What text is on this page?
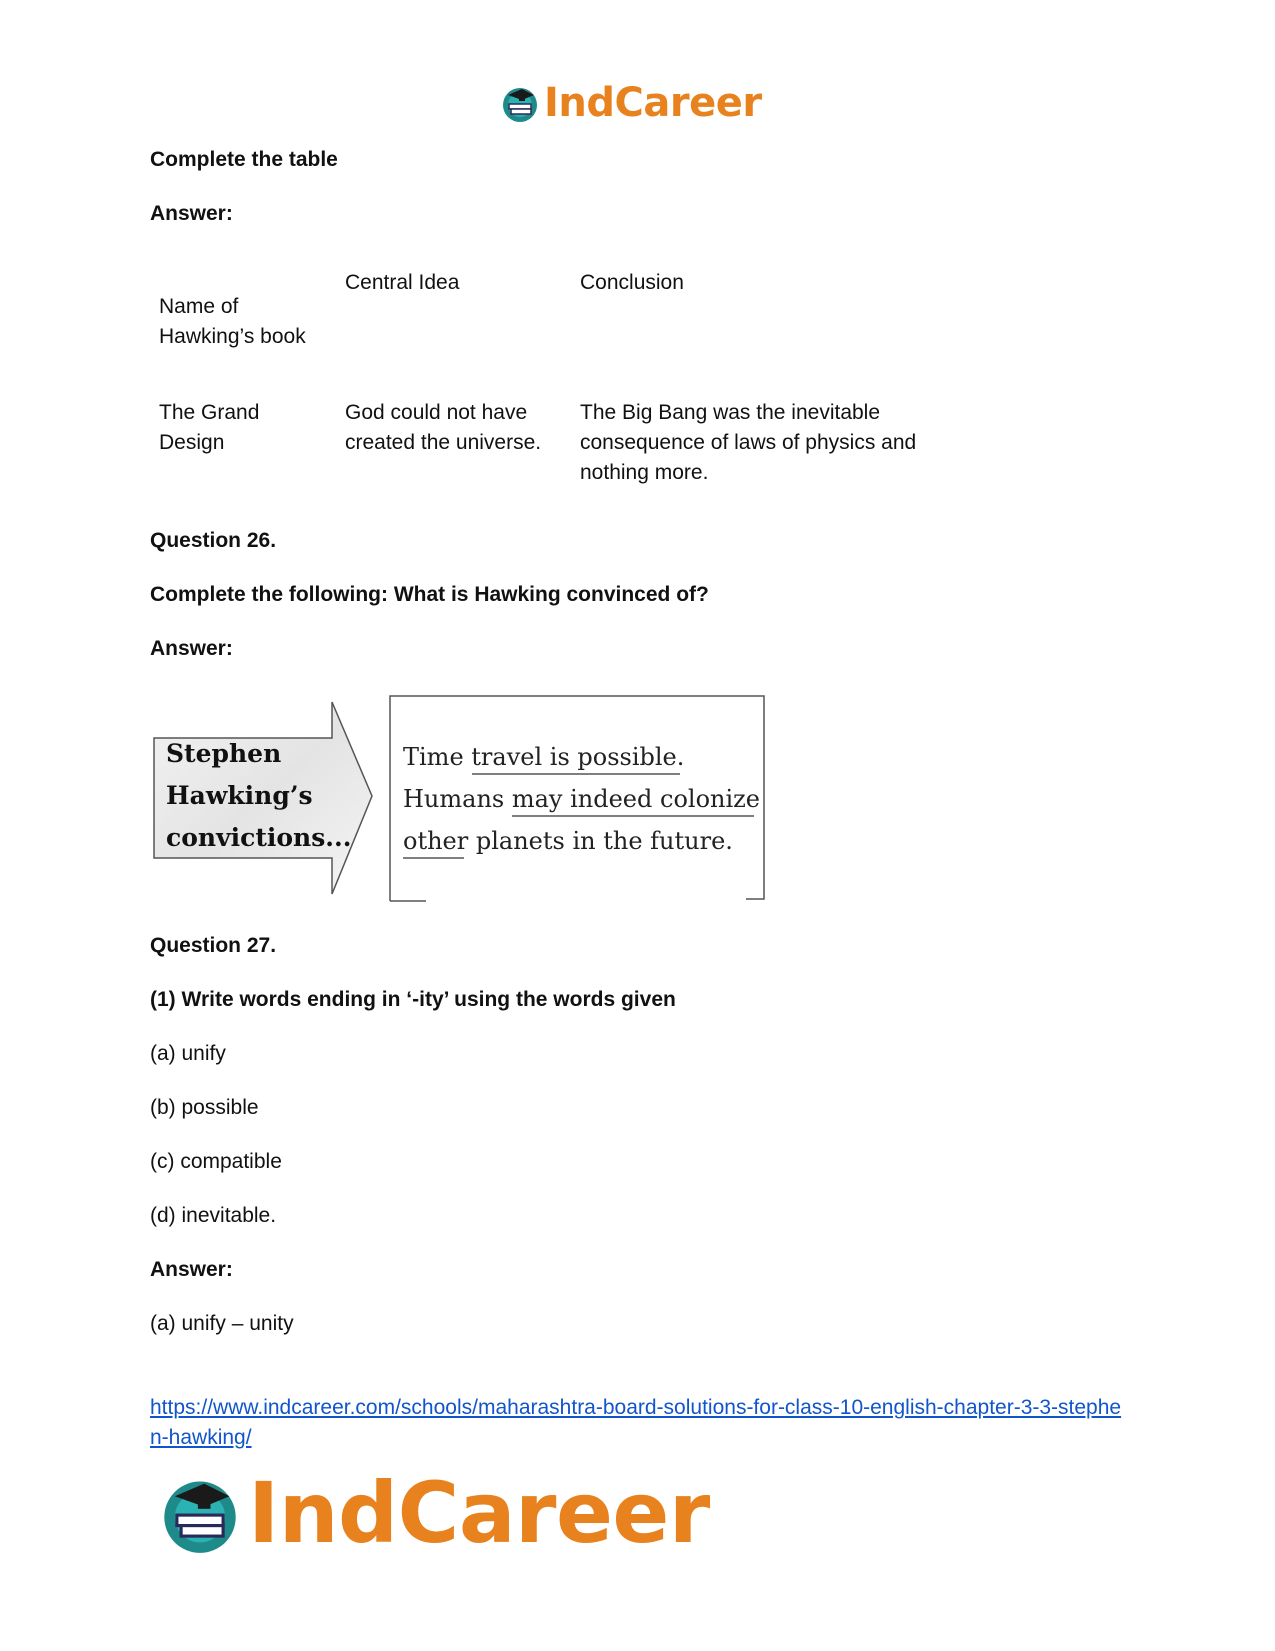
IndCareer
Complete the table
Answer:
Name of Hawking’s book
Central Idea	Conclusion
The Grand Design
God could not have created the universe.
The Big Bang was the inevitable consequence of laws of physics and nothing more.
Question 26.
Complete the following: What is Hawking convinced of?
Answer:
Stephen
Hawking’s
convictions...
Time travel is possible.
Humans may indeed colonize
other planets in the future.
Question 27.
(1) Write words ending in ‘-ity’ using the words given
(a) unify
(b) possible
(c) compatible
(d) inevitable.
Answer:
(a) unify – unity
https://www.indcareer.com/schools/maharashtra-board-solutions-for-class-10-english-chapter-3-3-stephen-hawking/
IndCareer
